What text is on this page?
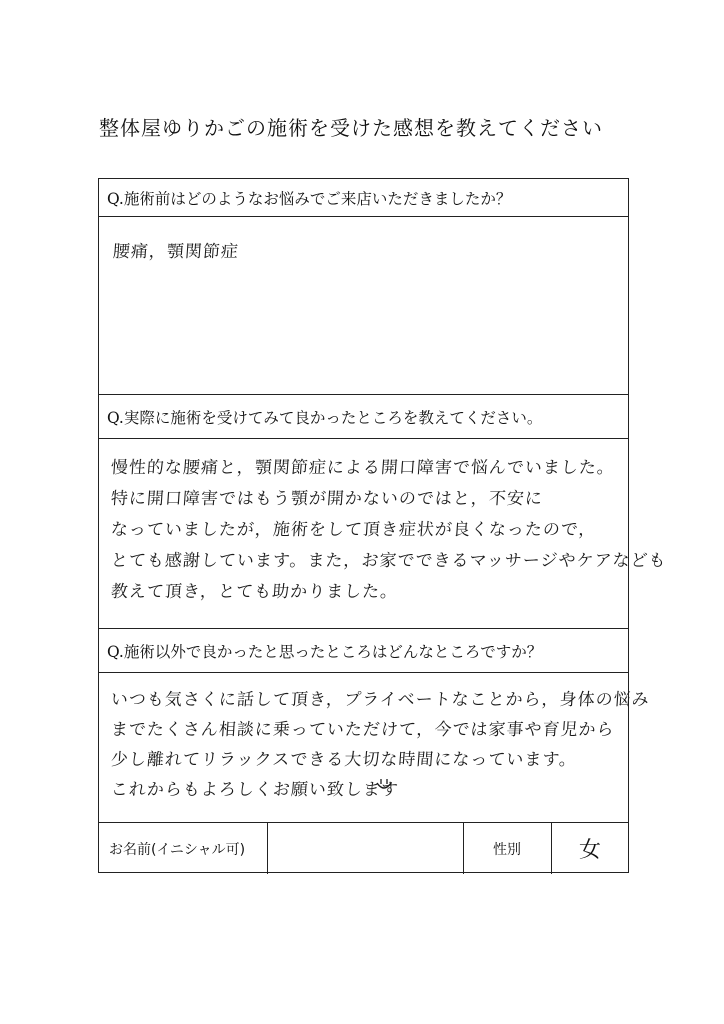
整体屋ゆりかごの施術を受けた感想を教えてください
Q.施術前はどのようなお悩みでご来店いただきましたか？
腰痛，顎関節症
Q.実際に施術を受けてみて良かったところを教えてください。
慢性的な腰痛と，顎関節症による開口障害で悩んでいました。
特に開口障害ではもう顎が開かないのではと，不安に
なっていましたが，施術をして頂き症状が良くなったので，
とても感謝しています。また，お家でできるマッサージやケアなども
教えて頂き，とても助かりました。
Q.施術以外で良かったと思ったところはどんなところですか？
いつも気さくに話して頂き，プライベートなことから，身体の悩み
までたくさん相談に乗っていただけて，今では家事や育児から
少し離れてリラックスできる大切な時間になっています。
これからもよろしくお願い致します
お名前(イニシャル可)	性別	女
